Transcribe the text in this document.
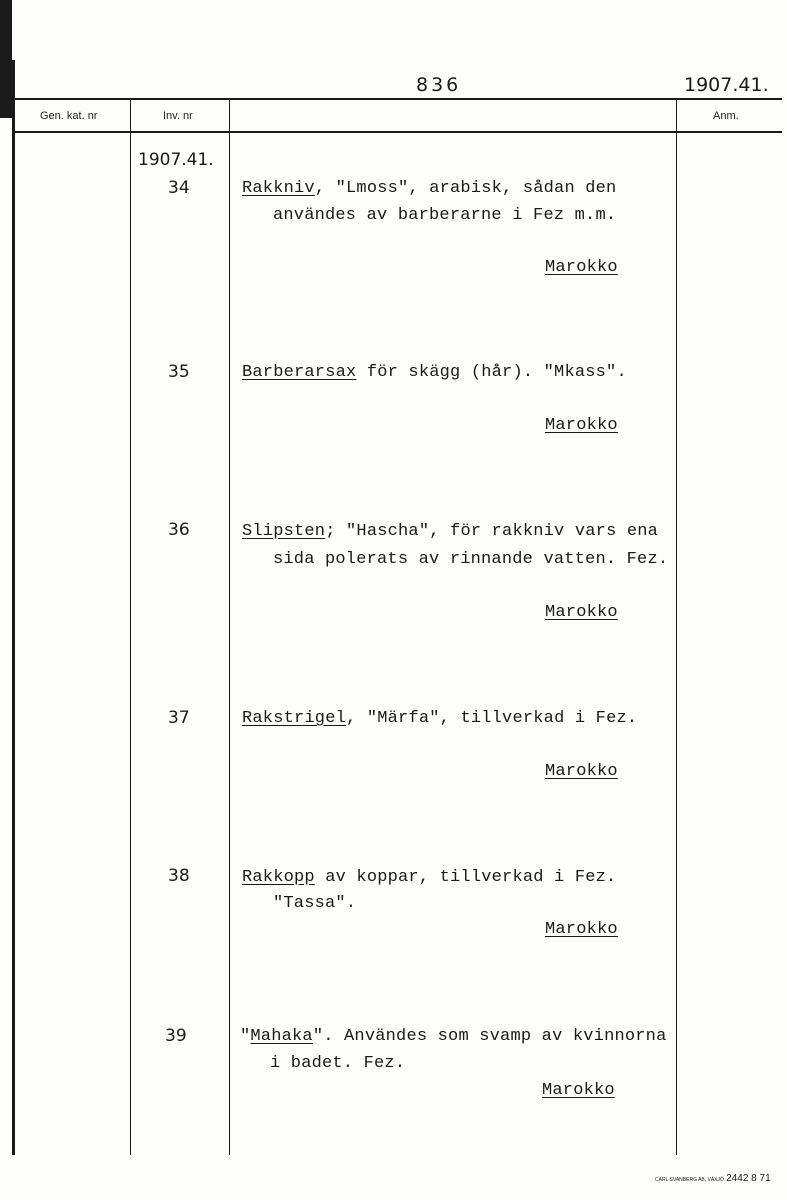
836	1907.41.
Gen. kat. nr	Inv. nr	Anm.
1907.41.
34	Rakkniv, "Lmoss", arabisk, sådan den
användes av barberarne i Fez m.m.
Marokko
35	Barberarsax för skägg (hår). "Mkass".
Marokko
36	Slipsten; "Hascha", för rakkniv vars ena
sida polerats av rinnande vatten. Fez.
Marokko
37	Rakstrigel, "Märfa", tillverkad i Fez.
Marokko
38	Rakkopp av koppar, tillverkad i Fez.
"Tassa".
Marokko
39	"Mahaka". Användes som svamp av kvinnorna
i badet. Fez.
Marokko
CARL SVANBERG AB, VÄXJÖ 2442 8 71
